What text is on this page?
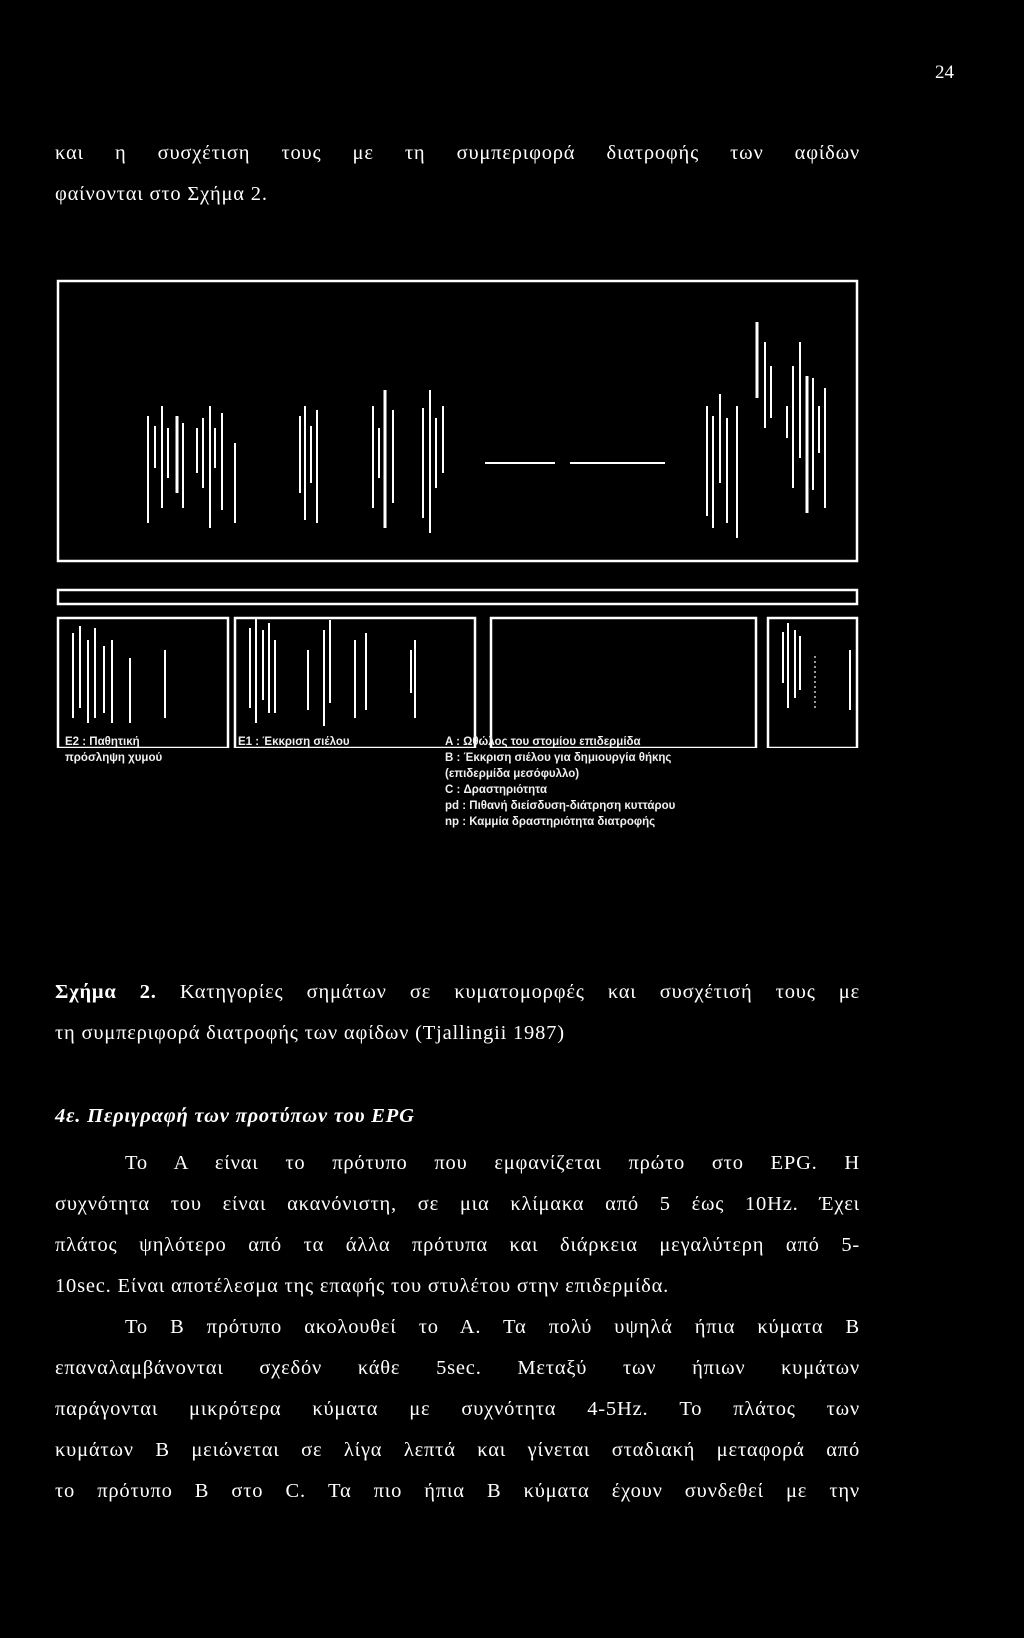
24
και η συσχέτιση τους με τη συμπεριφορά διατροφής των αφίδων
φαίνονται στο Σχήμα 2.
E2 : Παθητική
πρόσληψη χυμού
E1 : Έκκριση σιέλου	A : Ωθώλος του στομίου επιδερμίδα
B : Έκκριση σιέλου για δημιουργία θήκης
(επιδερμίδα μεσόφυλλο)
C : Δραστηριότητα
pd : Πιθανή διείσδυση-διάτρηση κυττάρου
np : Καμμία δραστηριότητα διατροφής
Σχήμα 2. Κατηγορίες σημάτων σε κυματομορφές και συσχέτισή τους με
τη συμπεριφορά διατροφής των αφίδων (Tjallingii 1987)
4ε. Περιγραφή των προτύπων του EPG
Το Α είναι το πρότυπο που εμφανίζεται πρώτο στο EPG. Η
συχνότητα του είναι ακανόνιστη, σε μια κλίμακα από 5 έως 10Hz. Έχει
πλάτος ψηλότερο από τα άλλα πρότυπα και διάρκεια μεγαλύτερη από 5-
10sec. Είναι αποτέλεσμα της επαφής του στυλέτου στην επιδερμίδα.
Το Β πρότυπο ακολουθεί το Α. Τα πολύ υψηλά ήπια κύματα Β
επαναλαμβάνονται σχεδόν κάθε 5sec. Μεταξύ των ήπιων κυμάτων
παράγονται μικρότερα κύματα με συχνότητα 4-5Hz. Το πλάτος των
κυμάτων Β μειώνεται σε λίγα λεπτά και γίνεται σταδιακή μεταφορά από
το πρότυπο Β στο C. Τα πιο ήπια Β κύματα έχουν συνδεθεί με την
